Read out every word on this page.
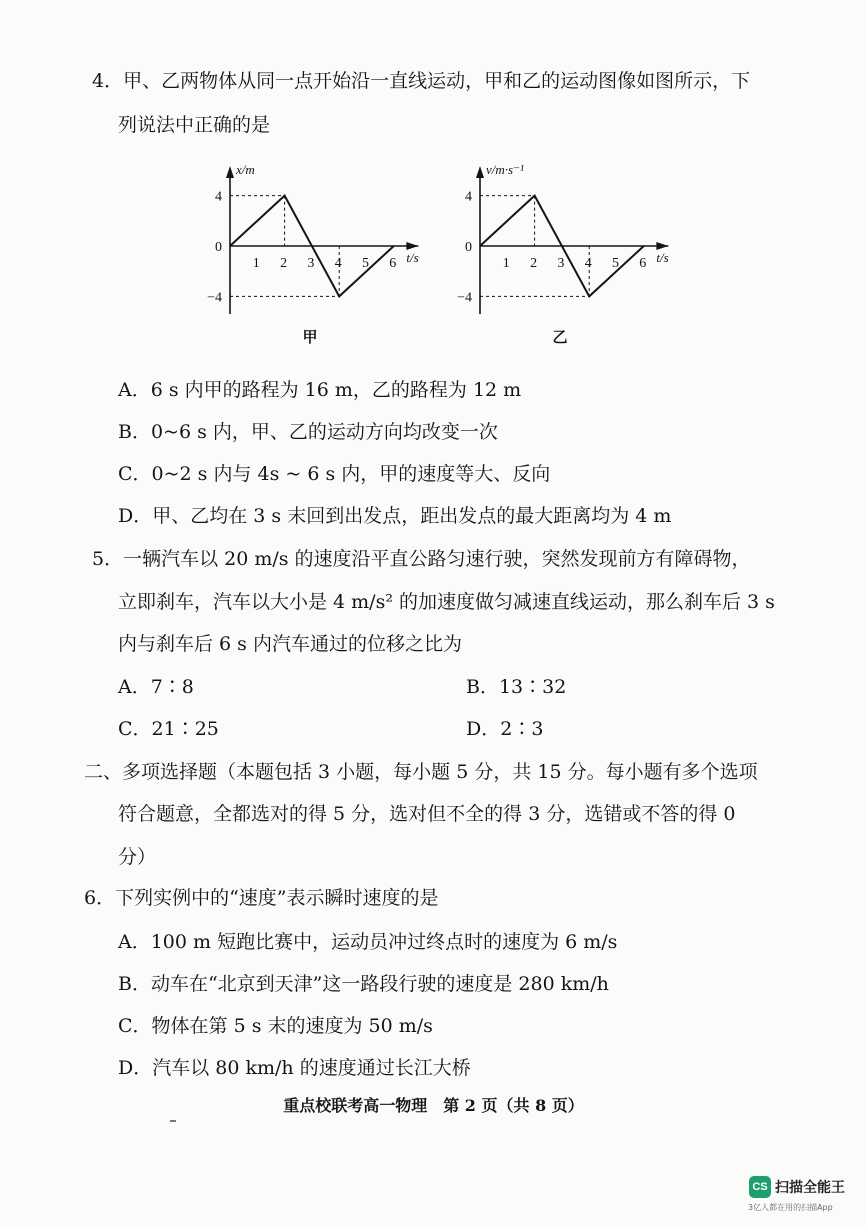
4．甲、乙两物体从同一点开始沿一直线运动，甲和乙的运动图像如图所示，下
列说法中正确的是
x/m
t/s
4
0
−4
1 2 3 4 5 6
甲
v/m·s⁻¹
t/s
4
0
−4
1 2 3 4 5 6
乙
A．6 s 内甲的路程为 16 m，乙的路程为 12 m
B．0~6 s 内，甲、乙的运动方向均改变一次
C．0~2 s 内与 4s ~ 6 s 内，甲的速度等大、反向
D．甲、乙均在 3 s 末回到出发点，距出发点的最大距离均为 4 m
5．一辆汽车以 20 m/s 的速度沿平直公路匀速行驶，突然发现前方有障碍物，
立即刹车，汽车以大小是 4 m/s² 的加速度做匀减速直线运动，那么刹车后 3 s
内与刹车后 6 s 内汽车通过的位移之比为
A．7∶8	B．13∶32
C．21∶25	D．2∶3
二、多项选择题（本题包括 3 小题，每小题 5 分，共 15 分。每小题有多个选项
符合题意，全都选对的得 5 分，选对但不全的得 3 分，选错或不答的得 0
分）
6．下列实例中的“速度”表示瞬时速度的是
A．100 m 短跑比赛中，运动员冲过终点时的速度为 6 m/s
B．动车在“北京到天津”这一路段行驶的速度是 280 km/h
C．物体在第 5 s 末的速度为 50 m/s
D．汽车以 80 km/h 的速度通过长江大桥
重点校联考高一物理　第 2 页（共 8 页）
CS 扫描全能王
3亿人都在用的扫描App
